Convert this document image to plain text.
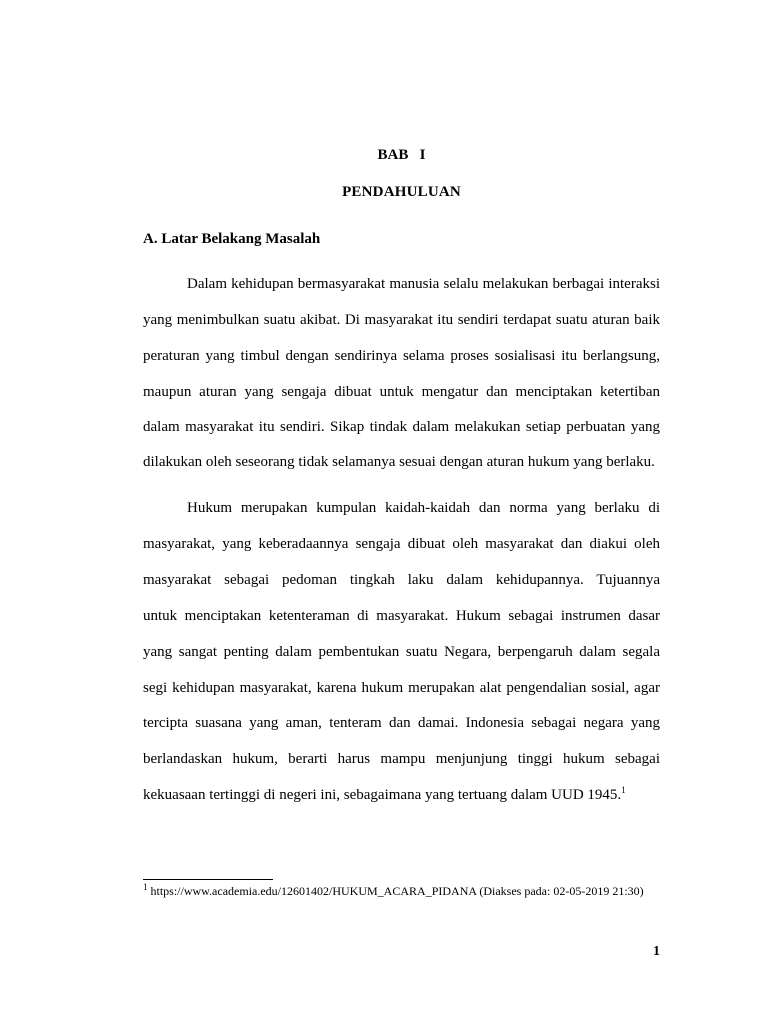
BAB   I
PENDAHULUAN
A. Latar Belakang Masalah
Dalam kehidupan bermasyarakat manusia selalu melakukan berbagai interaksi
yang menimbulkan suatu akibat. Di masyarakat itu sendiri terdapat suatu aturan baik
peraturan yang timbul dengan sendirinya selama proses sosialisasi itu berlangsung,
maupun aturan yang sengaja dibuat untuk mengatur dan menciptakan ketertiban
dalam masyarakat itu sendiri. Sikap tindak dalam melakukan setiap perbuatan yang
dilakukan oleh seseorang tidak selamanya sesuai dengan aturan hukum yang berlaku.
Hukum merupakan kumpulan kaidah-kaidah dan norma yang berlaku di
masyarakat, yang keberadaannya sengaja dibuat oleh masyarakat dan diakui oleh
masyarakat sebagai pedoman tingkah laku dalam kehidupannya. Tujuannya
untuk menciptakan ketenteraman di masyarakat. Hukum sebagai instrumen dasar
yang sangat penting dalam pembentukan suatu Negara, berpengaruh dalam segala
segi kehidupan masyarakat, karena hukum merupakan alat pengendalian sosial, agar
tercipta suasana yang aman, tenteram dan damai. Indonesia sebagai negara yang
berlandaskan hukum, berarti harus mampu menjunjung tinggi hukum sebagai
kekuasaan tertinggi di negeri ini, sebagaimana yang tertuang dalam UUD 1945.$^1$
$^1$ https://www.academia.edu/12601402/HUKUM_ACARA_PIDANA (Diakses pada: 02-05-2019 21:30)
1
